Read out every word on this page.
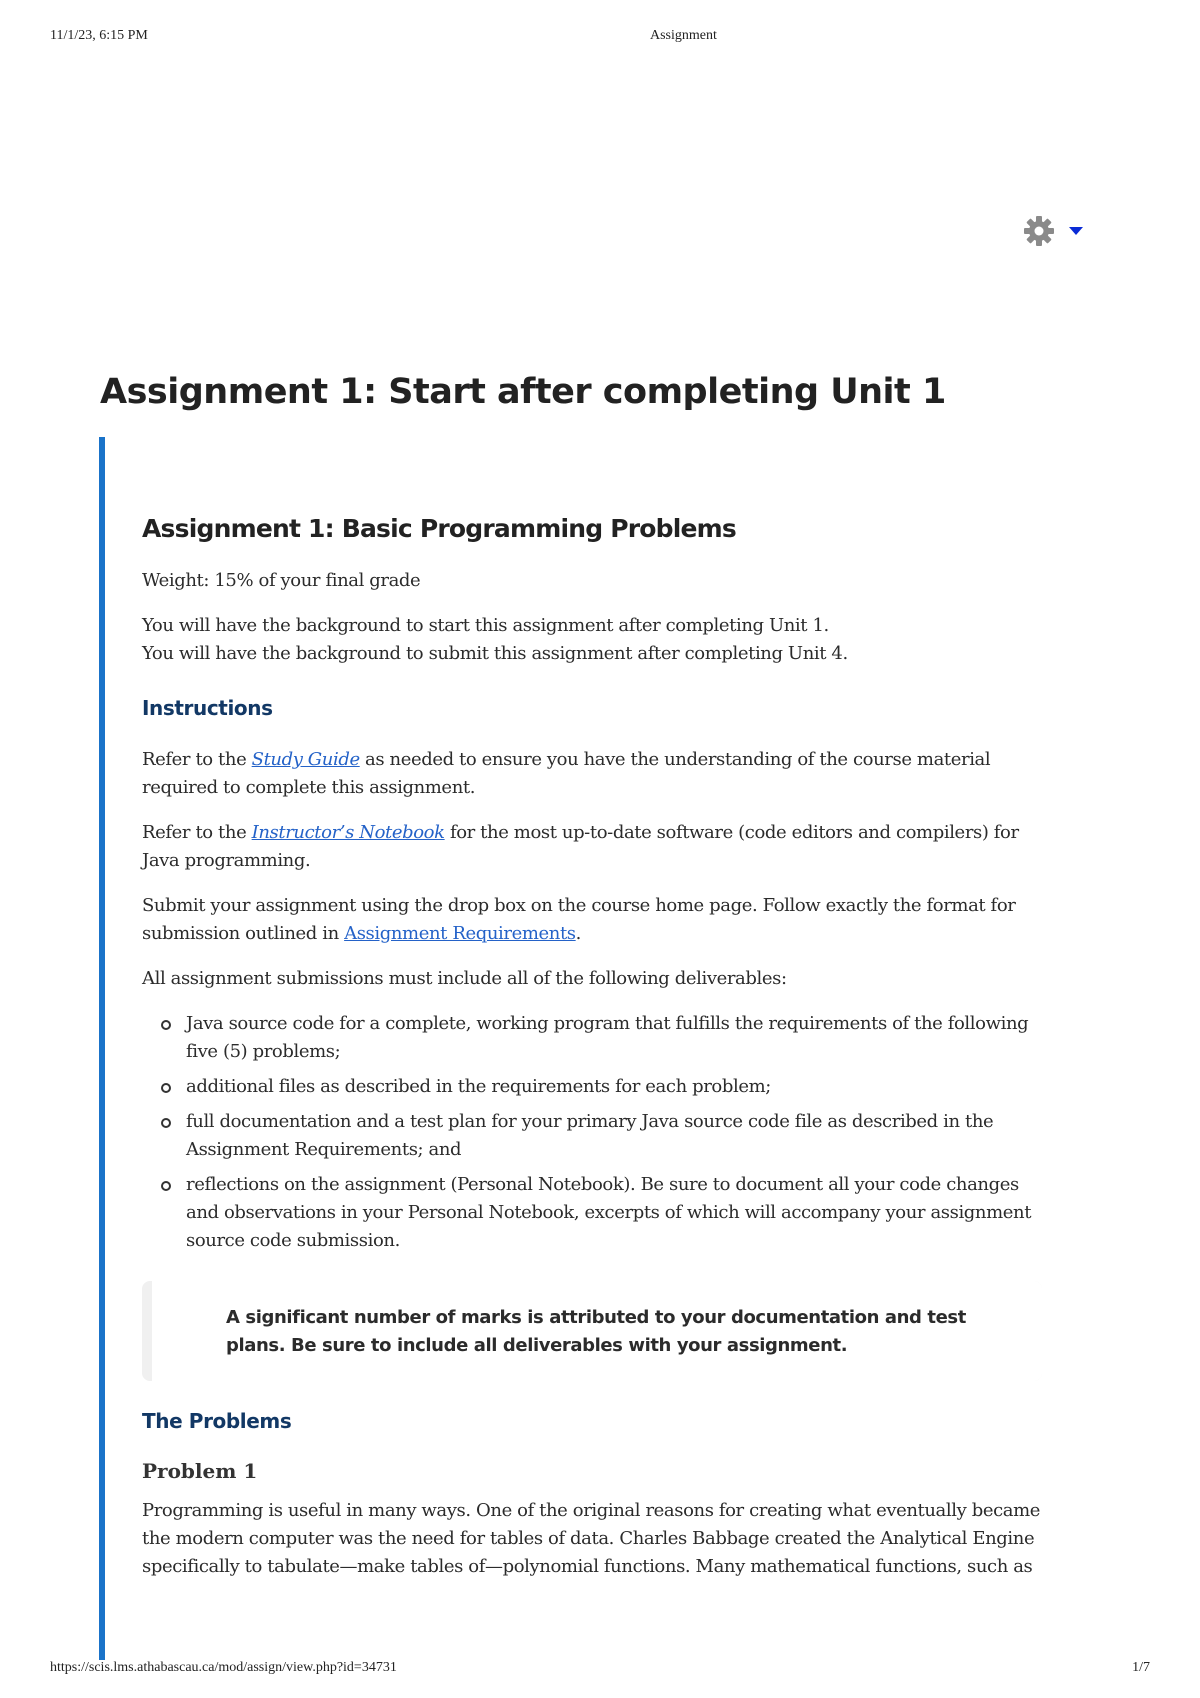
11/1/23, 6:15 PM	Assignment
Assignment 1: Start after completing Unit 1
Assignment 1: Basic Programming Problems

Weight: 15% of your final grade

You will have the background to start this assignment after completing Unit 1.
You will have the background to submit this assignment after completing Unit 4.

Instructions

Refer to the Study Guide as needed to ensure you have the understanding of the course material required to complete this assignment.

Refer to the Instructor’s Notebook for the most up-to-date software (code editors and compilers) for Java programming.

Submit your assignment using the drop box on the course home page. Follow exactly the format for submission outlined in Assignment Requirements.

All assignment submissions must include all of the following deliverables:

Java source code for a complete, working program that fulfills the requirements of the following five (5) problems;
additional files as described in the requirements for each problem;
full documentation and a test plan for your primary Java source code file as described in the Assignment Requirements; and
reflections on the assignment (Personal Notebook). Be sure to document all your code changes and observations in your Personal Notebook, excerpts of which will accompany your assignment source code submission.

A significant number of marks is attributed to your documentation and test plans. Be sure to include all deliverables with your assignment.

The Problems
Problem 1

Programming is useful in many ways. One of the original reasons for creating what eventually became the modern computer was the need for tables of data. Charles Babbage created the Analytical Engine specifically to tabulate—make tables of—polynomial functions. Many mathematical functions, such as

https://scis.lms.athabascau.ca/mod/assign/view.php?id=34731	1/7
